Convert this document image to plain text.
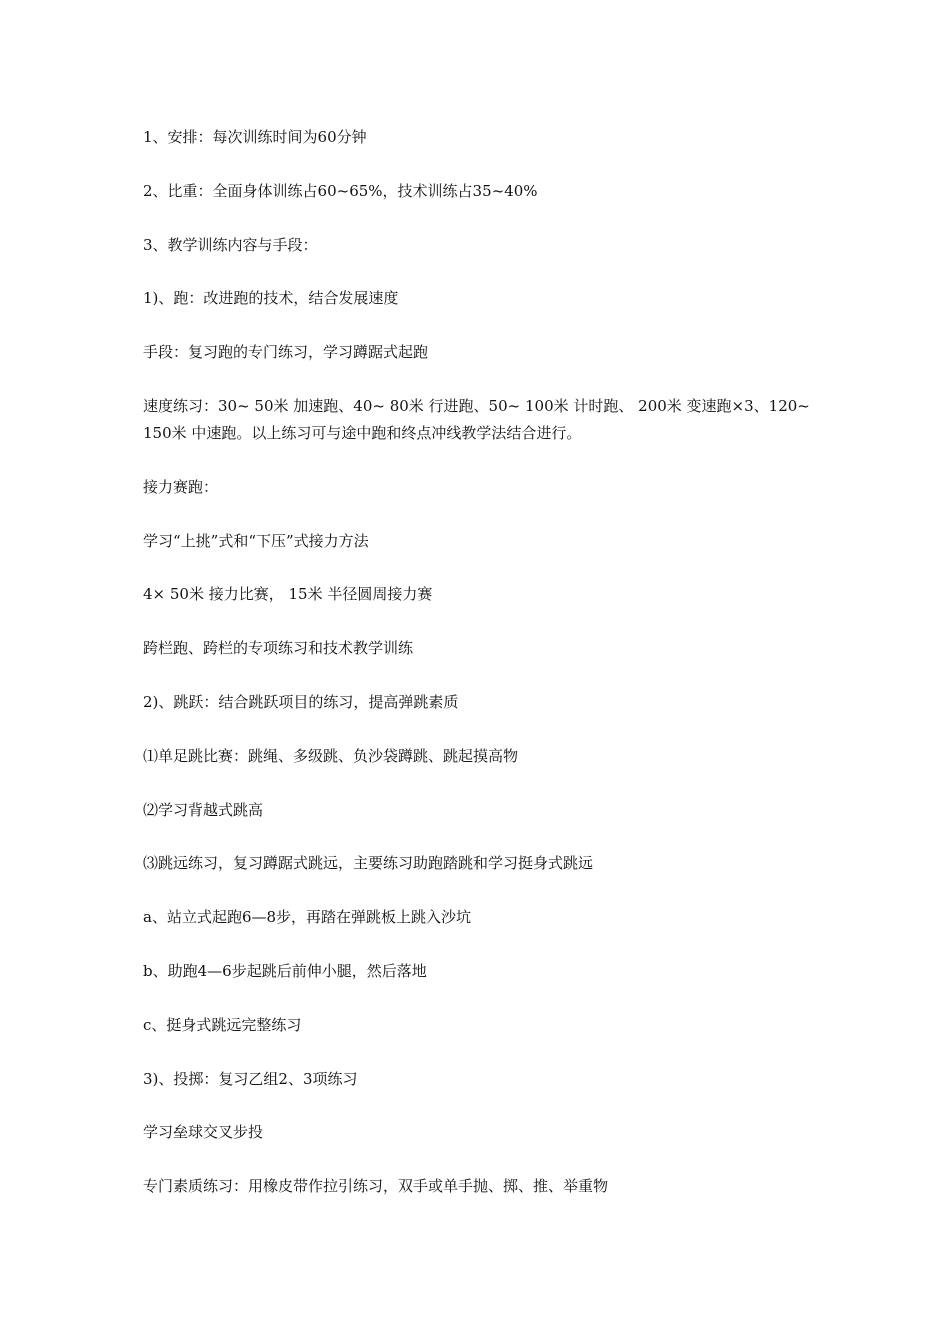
1、安排：每次训练时间为60分钟

2、比重：全面身体训练占60~65%，技术训练占35~40%

3、教学训练内容与手段：

1)、跑：改进跑的技术，结合发展速度

手段：复习跑的专门练习，学习蹲踞式起跑

速度练习：30~ 50米 加速跑、40~ 80米 行进跑、50~ 100米 计时跑、 200米 变速跑×3、120~ 150米 中速跑。以上练习可与途中跑和终点冲线教学法结合进行。

接力赛跑：

学习“上挑”式和“下压”式接力方法

4× 50米 接力比赛， 15米 半径圆周接力赛

跨栏跑、跨栏的专项练习和技术教学训练

2)、跳跃：结合跳跃项目的练习，提高弹跳素质

⑴单足跳比赛：跳绳、多级跳、负沙袋蹲跳、跳起摸高物

⑵学习背越式跳高

⑶跳远练习，复习蹲踞式跳远，主要练习助跑踏跳和学习挺身式跳远

a、站立式起跑6—8步，再踏在弹跳板上跳入沙坑

b、助跑4—6步起跳后前伸小腿，然后落地

c、挺身式跳远完整练习

3)、投掷：复习乙组2、3项练习

学习垒球交叉步投

专门素质练习：用橡皮带作拉引练习，双手或单手抛、掷、推、举重物
